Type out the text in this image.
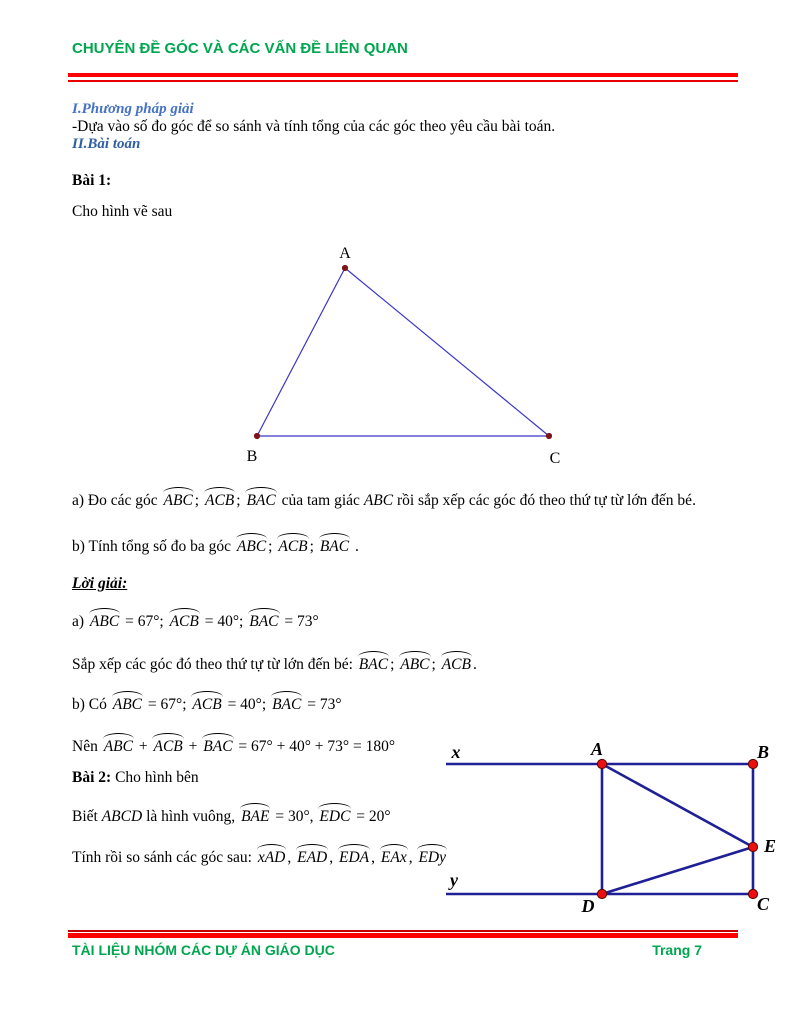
CHUYÊN ĐỀ GÓC VÀ CÁC VẤN ĐỀ LIÊN QUAN
I.Phương pháp giải
-Dựa vào số đo góc để so sánh và tính tổng của các góc theo yêu cầu bài toán.
II.Bài toán
Bài 1:
Cho hình vẽ sau
A
B	C
a) Đo các góc ABC ; ACB ; BAC của tam giác ABC rồi sắp xếp các góc đó theo thứ tự từ lớn đến bé.
b) Tính tổng số đo ba góc ABC ; ACB ; BAC .
Lời giải:
a) ABC = 67°; ACB = 40°; BAC = 73°
Sắp xếp các góc đó theo thứ tự từ lớn đến bé: BAC ; ABC ; ACB .
b) Có ABC = 67°; ACB = 40°; BAC = 73°
Nên ABC + ACB + BAC = 67° + 40° + 73° = 180°
Bài 2: Cho hình bên
Biết ABCD là hình vuông, BAE = 30°, EDC = 20°
Tính rồi so sánh các góc sau: xAD , EAD , EDA , EAx , EDy
x	A	B
E
y
D	C
TÀI LIỆU NHÓM CÁC DỰ ÁN GIÁO DỤC	Trang 7
